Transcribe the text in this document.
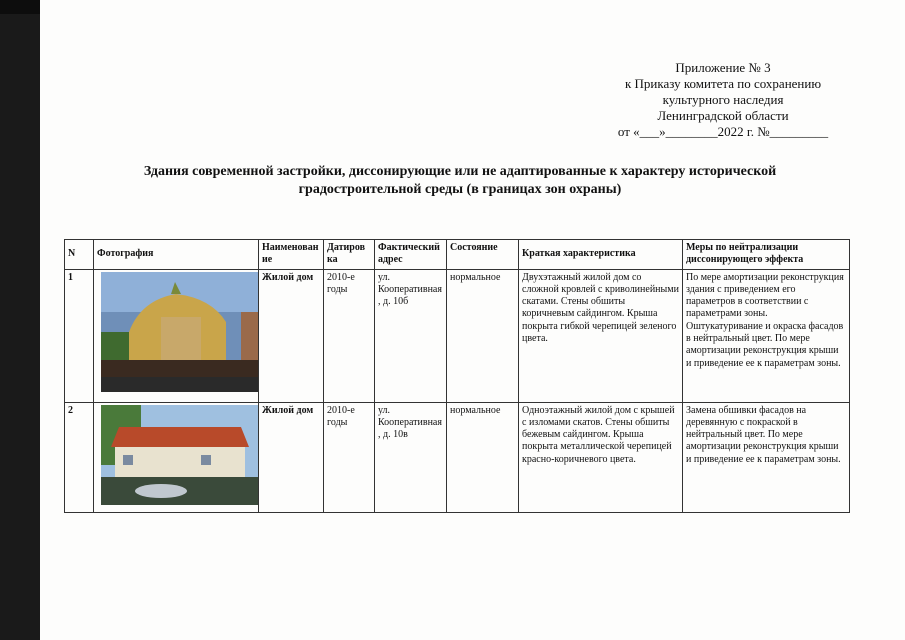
Приложение № 3
к Приказу комитета по сохранению
культурного наследия
Ленинградской области
от «___»________2022 г. №_________
Здания современной застройки, диссонирующие или не адаптированные к характеру исторической
градостроительной среды (в границах зон охраны)
N	Фотография	Наименован ие	Датиров ка	Фактический адрес	Состояние	Краткая характеристика	Меры по нейтрализации диссонирующего эффекта
1		Жилой дом	2010-е годы	ул. Кооперативная , д. 10б	нормальное	Двухэтажный жилой дом со сложной кровлей с криволинейными скатами. Стены обшиты коричневым сайдингом. Крыша покрыта гибкой черепицей зеленого цвета.	По мере амортизации реконструкция здания с приведением его параметров в соответствии с параметрами зоны. Оштукатуривание и окраска фасадов в нейтральный цвет. По мере амортизации реконструкция крыши и приведение ее к параметрам зоны.
2		Жилой дом	2010-е годы	ул. Кооперативная , д. 10в	нормальное	Одноэтажный жилой дом с крышей с изломами скатов. Стены обшиты бежевым сайдингом. Крыша покрыта металлической черепицей красно-коричневого цвета.	Замена обшивки фасадов на деревянную с покраской в нейтральный цвет. По мере амортизации реконструкция крыши и приведение ее к параметрам зоны.
